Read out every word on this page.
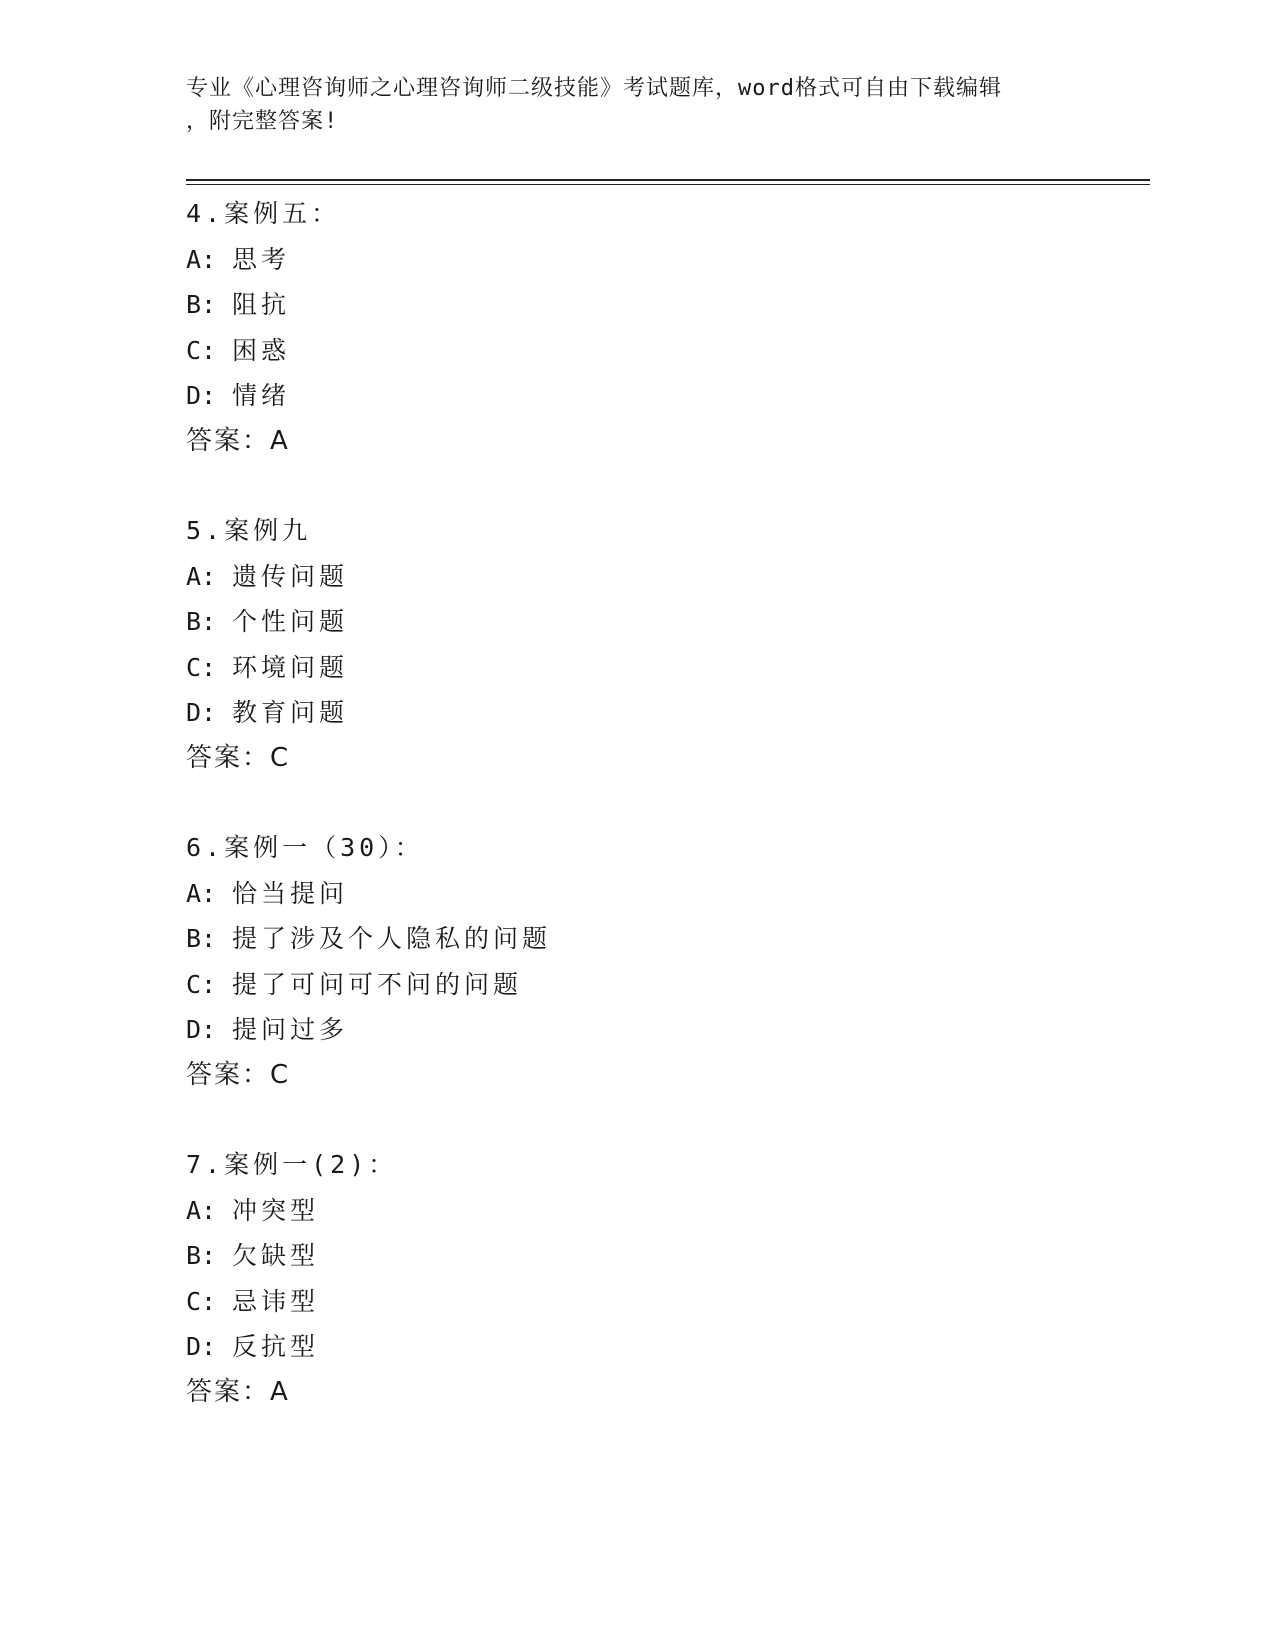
专业《心理咨询师之心理咨询师二级技能》考试题库，word格式可自由下载编辑
，附完整答案!
4.案例五：
A: 思考
B: 阻抗
C: 困惑
D: 情绪
答案：A
5.案例九
A: 遗传问题
B: 个性问题
C: 环境问题
D: 教育问题
答案：C
6.案例一（30）：
A: 恰当提问
B: 提了涉及个人隐私的问题
C: 提了可问可不问的问题
D: 提问过多
答案：C
7.案例一(2)：
A: 冲突型
B: 欠缺型
C: 忌讳型
D: 反抗型
答案：A
